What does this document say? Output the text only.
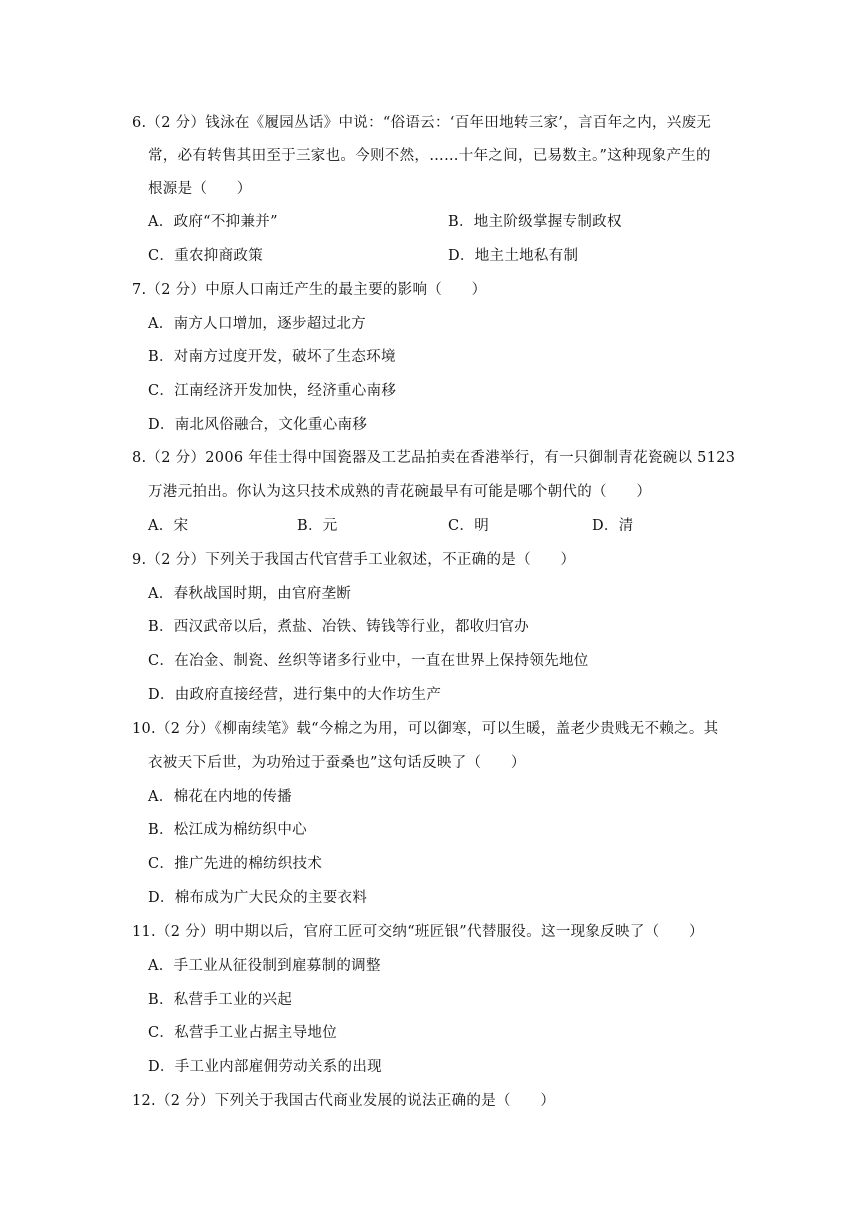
6.（2 分）钱泳在《履园丛话》中说：“俗语云：‘百年田地转三家’，言百年之内，兴废无
常，必有转售其田至于三家也。今则不然，……十年之间，已易数主。”这种现象产生的
根源是（　　）
A．政府“不抑兼并”	B．地主阶级掌握专制政权
C．重农抑商政策	D．地主土地私有制
7.（2 分）中原人口南迁产生的最主要的影响（　　）
A．南方人口增加，逐步超过北方
B．对南方过度开发，破坏了生态环境
C．江南经济开发加快，经济重心南移
D．南北风俗融合，文化重心南移
8.（2 分）2006 年佳士得中国瓷器及工艺品拍卖在香港举行，有一只御制青花瓷碗以 5123
万港元拍出。你认为这只技术成熟的青花碗最早有可能是哪个朝代的（　　）
A．宋	B．元	C．明	D．清
9.（2 分）下列关于我国古代官营手工业叙述，不正确的是（　　）
A．春秋战国时期，由官府垄断
B．西汉武帝以后，煮盐、冶铁、铸钱等行业，都收归官办
C．在冶金、制瓷、丝织等诸多行业中，一直在世界上保持领先地位
D．由政府直接经营，进行集中的大作坊生产
10.（2 分）《柳南续笔》载“今棉之为用，可以御寒，可以生暖，盖老少贵贱无不赖之。其
衣被天下后世，为功殆过于蚕桑也”这句话反映了（　　）
A．棉花在内地的传播
B．松江成为棉纺织中心
C．推广先进的棉纺织技术
D．棉布成为广大民众的主要衣料
11.（2 分）明中期以后，官府工匠可交纳“班匠银”代替服役。这一现象反映了（　　）
A．手工业从征役制到雇募制的调整
B．私营手工业的兴起
C．私营手工业占据主导地位
D．手工业内部雇佣劳动关系的出现
12.（2 分）下列关于我国古代商业发展的说法正确的是（　　）
